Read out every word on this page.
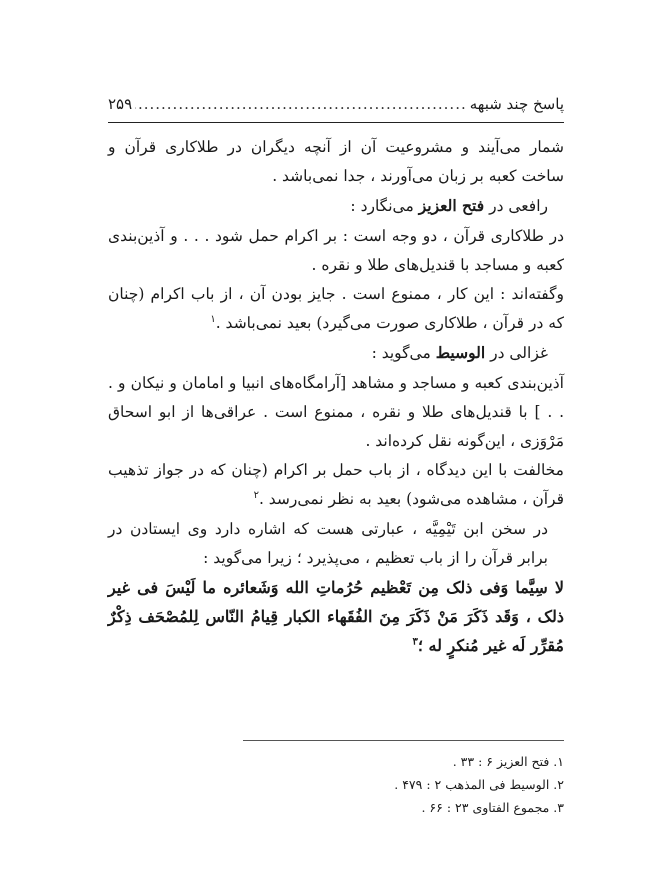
پاسخ چند شبهه
.....
۲۵۹

شمار می‌آیند و مشروعیت آن از آنچه دیگران در طلاکاری قرآن و ساخت کعبه بر زبان می‌آورند ، جدا نمی‌باشد .

رافعی در فتح العزیز می‌نگارد :

در طلاکاری قرآن ، دو وجه است : بر اکرام حمل شود . . . و آذین‌بندی کعبه و مساجد با قندیل‌های طلا و نقره .

وگفته‌اند : این کار ، ممنوع است . جایز بودن آن ، از باب اکرام (چنان که در قرآن ، طلاکاری صورت می‌گیرد) بعید نمی‌باشد .$^۱$

غزالی در الوسیط می‌گوید :

آذین‌بندی کعبه و مساجد و مشاهد [آرامگاه‌های انبیا و امامان و نیکان و . . . ] با قندیل‌های طلا و نقره ، ممنوع است . عراقی‌ها از ابو اسحاق مَرْوَزی ، این‌گونه نقل کرده‌اند .

مخالفت با این دیدگاه ، از باب حمل بر اکرام (چنان که در جواز تذهیب قرآن ، مشاهده می‌شود) بعید به نظر نمی‌رسد .$^۲$

در سخن ابن تَیْمِیَّه ، عبارتی هست که اشاره دارد وی ایستادن در برابر قرآن را از باب تعظیم ، می‌پذیرد ؛ زیرا می‌گوید :

لا سِیَّما وَفی ذلک مِن تَعْظیم حُرُماتِ الله وَشَعائره ما لَیْسَ فی غیر ذلک ، وَقَد ذَکَرَ مَنْ ذَکَرَ مِنَ الفُقَهاء الکبار قِیامُ النّاس لِلمُصْحَف ذِکْرٌ مُقرِّر لَه غیر مُنکرٍ له ؛$^۳$

۱. فتح العزیز ۶ : ۳۳ .

۲. الوسیط فی المذهب ۲ : ۴۷۹ .

۳. مجموع الفتاوی ۲۳ : ۶۶ .
